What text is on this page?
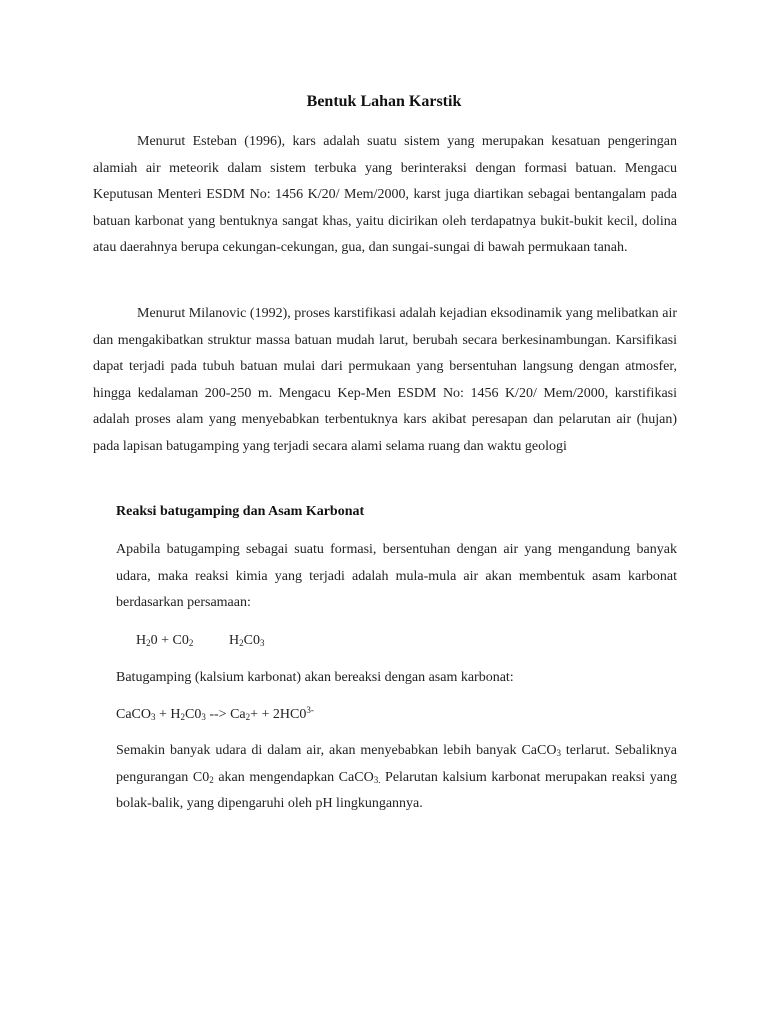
Bentuk Lahan Karstik

Menurut Esteban (1996), kars adalah suatu sistem yang merupakan kesatuan pengeringan alamiah air meteorik dalam sistem terbuka yang berinteraksi dengan formasi batuan. Mengacu Keputusan Menteri ESDM No: 1456 K/20/ Mem/2000, karst juga diartikan sebagai bentangalam pada batuan karbonat yang bentuknya sangat khas, yaitu dicirikan oleh terdapatnya bukit-bukit kecil, dolina atau daerahnya berupa cekungan-cekungan, gua, dan sungai-sungai di bawah permukaan tanah.

Menurut Milanovic (1992), proses karstifikasi adalah kejadian eksodinamik yang melibatkan air dan mengakibatkan struktur massa batuan mudah larut, berubah secara berkesinambungan. Karsifikasi dapat terjadi pada tubuh batuan mulai dari permukaan yang bersentuhan langsung dengan atmosfer, hingga kedalaman 200-250 m. Mengacu Kep-Men ESDM No: 1456 K/20/ Mem/2000, karstifikasi adalah proses alam yang menyebabkan terbentuknya kars akibat peresapan dan pelarutan air (hujan) pada lapisan batugamping yang terjadi secara alami selama ruang dan waktu geologi

Reaksi batugamping dan Asam Karbonat

Apabila batugamping sebagai suatu formasi, bersentuhan dengan air yang mengandung banyak udara, maka reaksi kimia yang terjadi adalah mula-mula air akan membentuk asam karbonat berdasarkan persamaan:

$H_20 + C0_2$	$H_2C0_3$
Batugamping (kalsium karbonat) akan bereaksi dengan asam karbonat:
CaCO$_3$ + $H_2C0_3$ --> $Ca_2+ + 2HC0^{3-}$

Semakin banyak udara di dalam air, akan menyebabkan lebih banyak CaCO$_3$ terlarut. Sebaliknya pengurangan $C0_2$ akan mengendapkan CaCO$_{3.}$ Pelarutan kalsium karbonat merupakan reaksi yang bolak-balik, yang dipengaruhi oleh pH lingkungannya.
